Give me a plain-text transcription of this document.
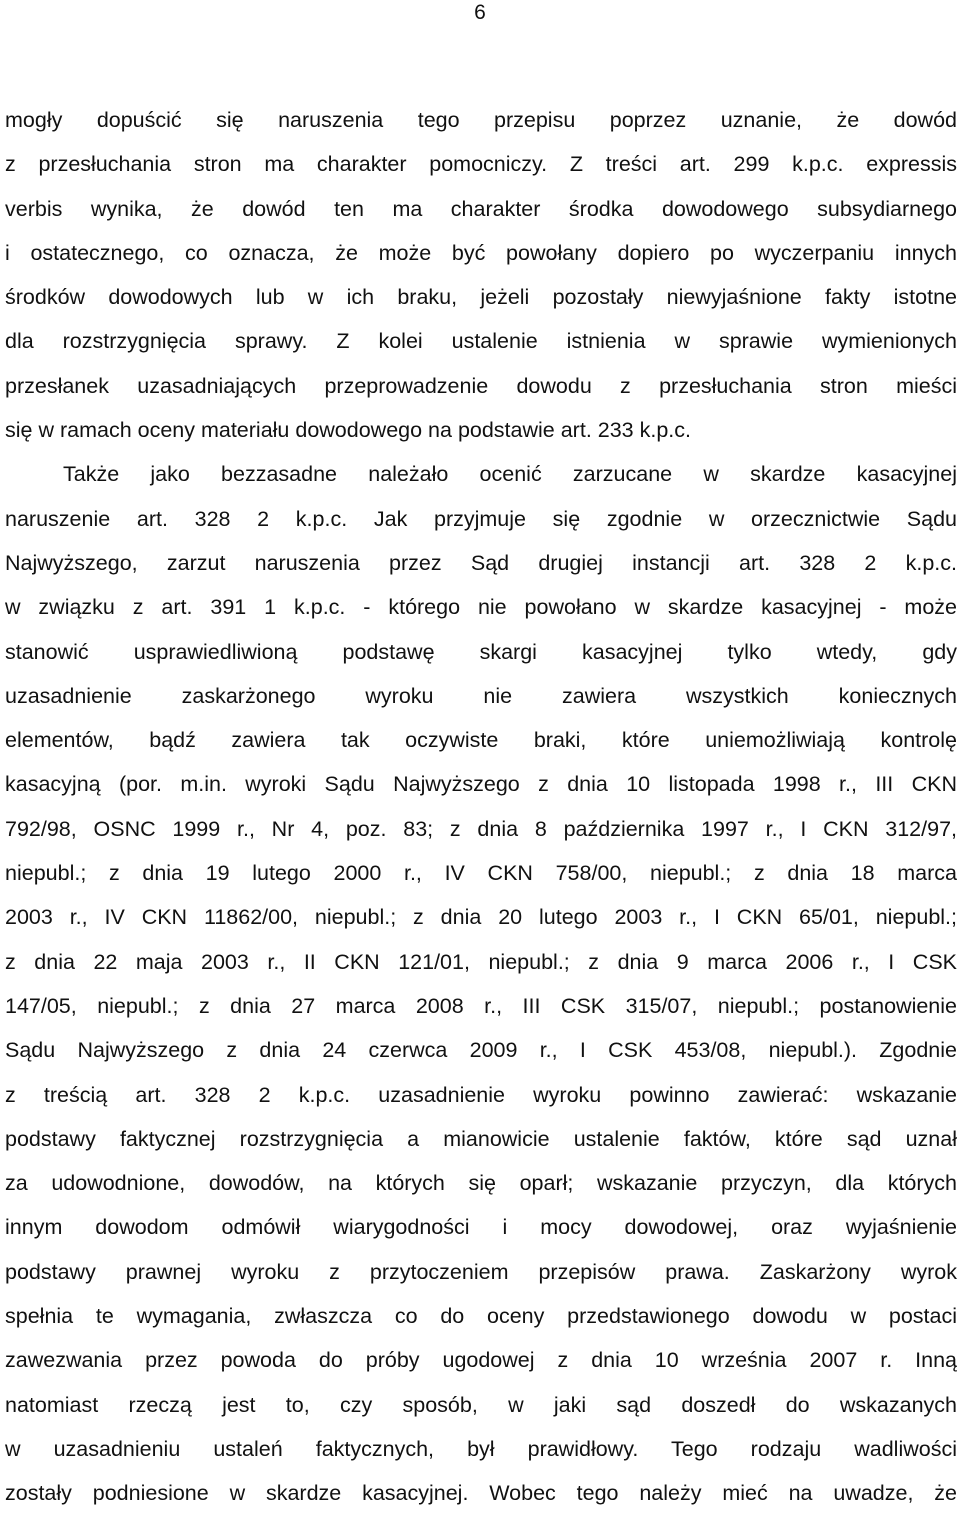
6
mogły dopuścić się naruszenia tego przepisu poprzez uznanie, że dowód
z przesłuchania stron ma charakter pomocniczy. Z treści art. 299 k.p.c. expressis
verbis wynika, że dowód ten ma charakter środka dowodowego subsydiarnego
i ostatecznego, co oznacza, że może być powołany dopiero po wyczerpaniu innych
środków dowodowych lub w ich braku, jeżeli pozostały niewyjaśnione fakty istotne
dla rozstrzygnięcia sprawy. Z kolei ustalenie istnienia w sprawie wymienionych
przesłanek uzasadniających przeprowadzenie dowodu z przesłuchania stron mieści
się w ramach oceny materiału dowodowego na podstawie art. 233 k.p.c.
Także jako bezzasadne należało ocenić zarzucane w skardze kasacyjnej
naruszenie art. 328 2 k.p.c. Jak przyjmuje się zgodnie w orzecznictwie Sądu
Najwyższego, zarzut naruszenia przez Sąd drugiej instancji art. 328 2 k.p.c.
w związku z art. 391 1 k.p.c. - którego nie powołano w skardze kasacyjnej - może
stanowić usprawiedliwioną podstawę skargi kasacyjnej tylko wtedy, gdy
uzasadnienie zaskarżonego wyroku nie zawiera wszystkich koniecznych
elementów, bądź zawiera tak oczywiste braki, które uniemożliwiają kontrolę
kasacyjną (por. m.in. wyroki Sądu Najwyższego z dnia 10 listopada 1998 r., III CKN
792/98, OSNC 1999 r., Nr 4, poz. 83; z dnia 8 października 1997 r., I CKN 312/97,
niepubl.; z dnia 19 lutego 2000 r., IV CKN 758/00, niepubl.; z dnia 18 marca
2003 r., IV CKN 11862/00, niepubl.; z dnia 20 lutego 2003 r., I CKN 65/01, niepubl.;
z dnia 22 maja 2003 r., II CKN 121/01, niepubl.; z dnia 9 marca 2006 r., I CSK
147/05, niepubl.; z dnia 27 marca 2008 r., III CSK 315/07, niepubl.; postanowienie
Sądu Najwyższego z dnia 24 czerwca 2009 r., I CSK 453/08, niepubl.). Zgodnie
z treścią art. 328 2 k.p.c. uzasadnienie wyroku powinno zawierać: wskazanie
podstawy faktycznej rozstrzygnięcia a mianowicie ustalenie faktów, które sąd uznał
za udowodnione, dowodów, na których się oparł; wskazanie przyczyn, dla których
innym dowodom odmówił wiarygodności i mocy dowodowej, oraz wyjaśnienie
podstawy prawnej wyroku z przytoczeniem przepisów prawa. Zaskarżony wyrok
spełnia te wymagania, zwłaszcza co do oceny przedstawionego dowodu w postaci
zawezwania przez powoda do próby ugodowej z dnia 10 września 2007 r. Inną
natomiast rzeczą jest to, czy sposób, w jaki sąd doszedł do wskazanych
w uzasadnieniu ustaleń faktycznych, był prawidłowy. Tego rodzaju wadliwości
zostały podniesione w skardze kasacyjnej. Wobec tego należy mieć na uwadze, że
